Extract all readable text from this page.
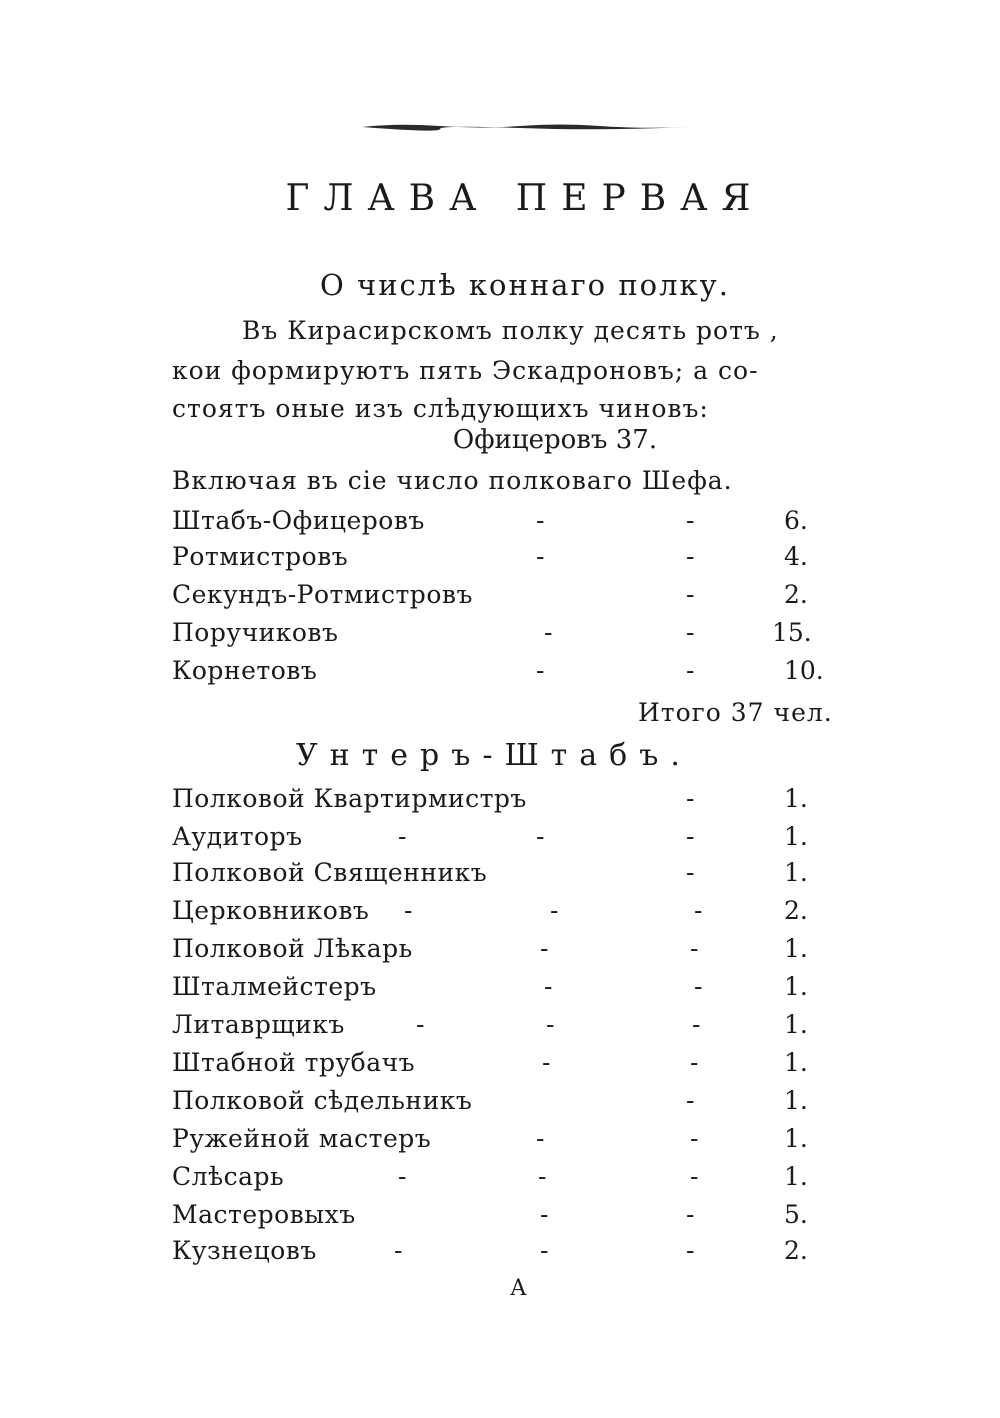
ГЛАВА ПЕРВАЯ
О числѣ коннаго полку.
Въ Кирасирскомъ полку десять ротъ ,
кои формируютъ пять Эскадроновъ; а со-
стоятъ оные изъ слѣдующихъ чиновъ:
Офицеровъ 37.
Включая въ сіе число полковаго Шефа.
Штабъ-Офицеровъ	-	-	6.
Ротмистровъ	-	-	4.
Секундъ-Ротмистровъ	-	2.
Поручиковъ	-	-	15.
Корнетовъ	-	-	10.
Итого 37 чел.
Унтеръ-Штабъ.
Полковой Квартирмистръ	-	1.
Аудиторъ	-	-	-	1.
Полковой Священникъ	-	1.
Церковниковъ -	-	-	2.
Полковой Лѣкарь	-	-	1.
Шталмейстеръ	-	-	1.
Литаврщикъ	-	-	-	1.
Штабной трубачъ	-	-	1.
Полковой сѣдельникъ	-	1.
Ружейной мастеръ	-	-	1.
Слѣсарь	-	-	-	1.
Мастеровыхъ	-	-	5.
Кузнецовъ	-	-	-	2.
А
